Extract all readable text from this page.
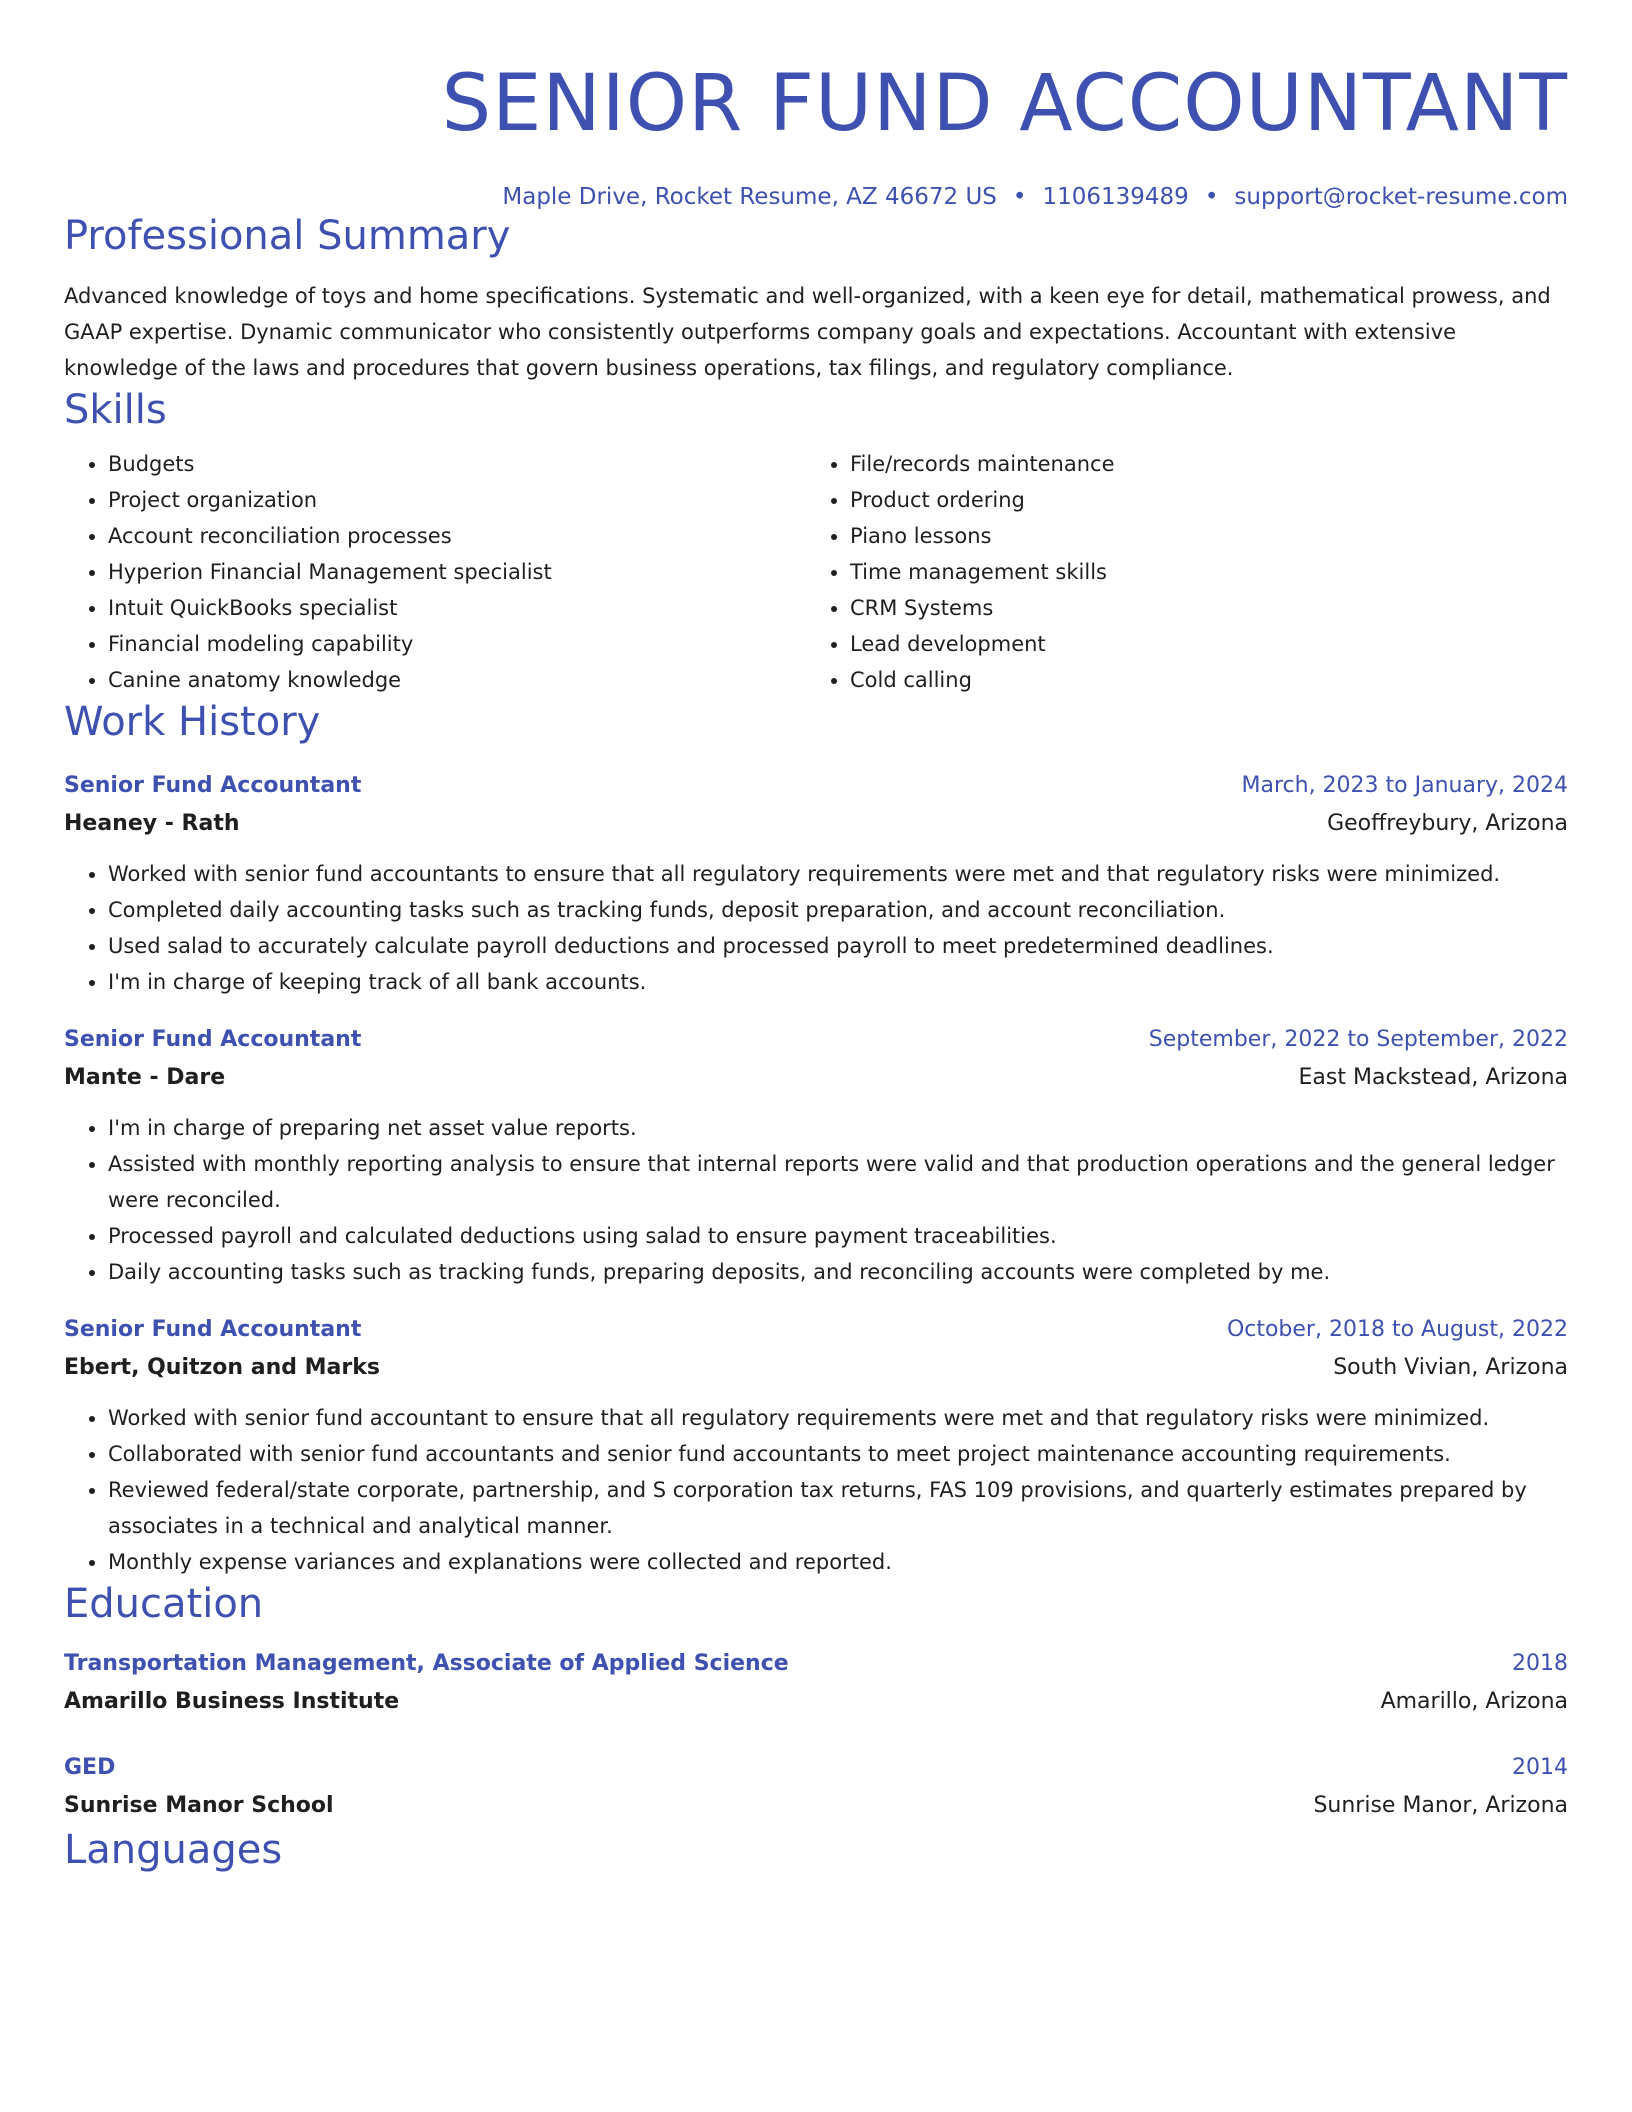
SENIOR FUND ACCOUNTANT
Maple Drive, Rocket Resume, AZ 46672 US • 1106139489 • support@rocket-resume.com
Professional Summary
Advanced knowledge of toys and home specifications. Systematic and well-organized, with a keen eye for detail, mathematical prowess, and GAAP expertise. Dynamic communicator who consistently outperforms company goals and expectations. Accountant with extensive knowledge of the laws and procedures that govern business operations, tax filings, and regulatory compliance.
Skills
• Budgets
• Project organization
• Account reconciliation processes
• Hyperion Financial Management specialist
• Intuit QuickBooks specialist
• Financial modeling capability
• Canine anatomy knowledge
• File/records maintenance
• Product ordering
• Piano lessons
• Time management skills
• CRM Systems
• Lead development
• Cold calling
Work History
Senior Fund Accountant	March, 2023 to January, 2024
Heaney - Rath	Geoffreybury, Arizona
• Worked with senior fund accountants to ensure that all regulatory requirements were met and that regulatory risks were minimized.
• Completed daily accounting tasks such as tracking funds, deposit preparation, and account reconciliation.
• Used salad to accurately calculate payroll deductions and processed payroll to meet predetermined deadlines.
• I'm in charge of keeping track of all bank accounts.
Senior Fund Accountant	September, 2022 to September, 2022
Mante - Dare	East Mackstead, Arizona
• I'm in charge of preparing net asset value reports.
• Assisted with monthly reporting analysis to ensure that internal reports were valid and that production operations and the general ledger were reconciled.
• Processed payroll and calculated deductions using salad to ensure payment traceabilities.
• Daily accounting tasks such as tracking funds, preparing deposits, and reconciling accounts were completed by me.
Senior Fund Accountant	October, 2018 to August, 2022
Ebert, Quitzon and Marks	South Vivian, Arizona
• Worked with senior fund accountant to ensure that all regulatory requirements were met and that regulatory risks were minimized.
• Collaborated with senior fund accountants and senior fund accountants to meet project maintenance accounting requirements.
• Reviewed federal/state corporate, partnership, and S corporation tax returns, FAS 109 provisions, and quarterly estimates prepared by associates in a technical and analytical manner.
• Monthly expense variances and explanations were collected and reported.
Education
Transportation Management, Associate of Applied Science	2018
Amarillo Business Institute	Amarillo, Arizona
GED	2014
Sunrise Manor School	Sunrise Manor, Arizona
Languages
